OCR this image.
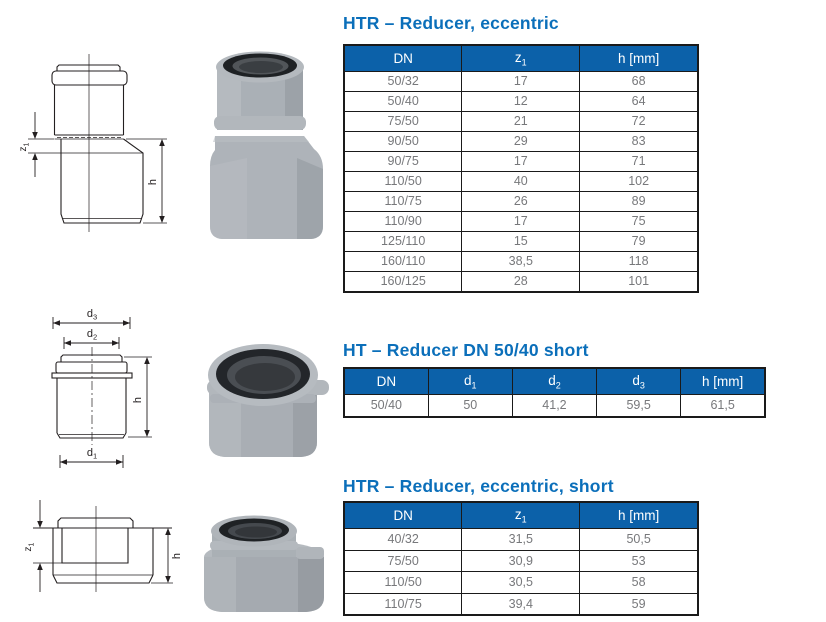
$z_1$
h
HTR – Reducer, eccentric
DN	$z_1$	h [mm]
50/32	17	68
50/40	12	64
75/50	21	72
90/50	29	83
90/75	17	71
110/50	40	102
110/75	26	89
110/90	17	75
125/110	15	79
160/110	38,5	118
160/125	28	101
$d_3$
$d_2$
$d_1$
h
HT – Reducer DN 50/40 short
DN	$d_1$	$d_2$	$d_3$	h [mm]
50/40	50	41,2	59,5	61,5
$z_1$
h
HTR – Reducer, eccentric, short
DN	$z_1$	h [mm]
40/32	31,5	50,5
75/50	30,9	53
110/50	30,5	58
110/75	39,4	59
